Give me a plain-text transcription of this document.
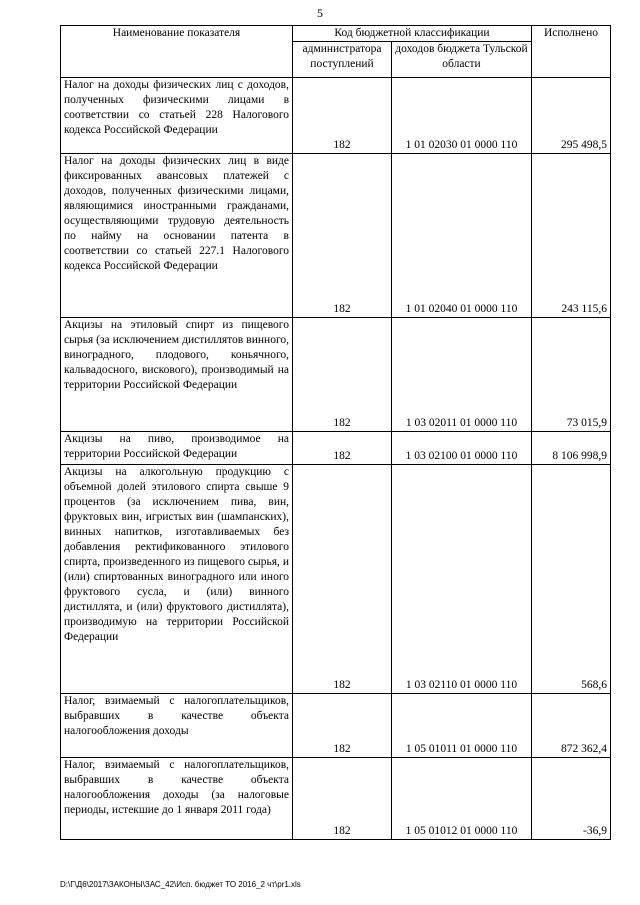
5
Наименование показателя	Код бюджетной классификации		Исполнено
	администратора поступлений	доходов бюджета Тульской области	
Налог на доходы физических лиц с доходов, полученных физическими лицами в соответствии со статьей 228 Налогового кодекса Российской Федерации	182	1 01 02030 01 0000 110	295 498,5
Налог на доходы физических лиц в виде фиксированных авансовых платежей с доходов, полученных физическими лицами, являющимися иностранными гражданами, осуществляющими трудовую деятельность по найму на основании патента в соответствии со статьей 227.1 Налогового кодекса Российской Федерации	182	1 01 02040 01 0000 110	243 115,6
Акцизы на этиловый спирт из пищевого сырья (за исключением дистиллятов винного, виноградного, плодового, коньячного, кальвадосного, вискового), производимый на территории Российской Федерации	182	1 03 02011 01 0000 110	73 015,9
Акцизы на пиво, производимое на территории Российской Федерации	182	1 03 02100 01 0000 110	8 106 998,9
Акцизы на алкогольную продукцию с объемной долей этилового спирта свыше 9 процентов (за исключением пива, вин, фруктовых вин, игристых вин (шампанских), винных напитков, изготавливаемых без добавления ректификованного этилового спирта, произведенного из пищевого сырья, и (или) спиртованных виноградного или иного фруктового сусла, и (или) винного дистиллята, и (или) фруктового дистиллята), производимую на территории Российской Федерации	182	1 03 02110 01 0000 110	568,6
Налог, взимаемый с налогоплательщиков, выбравших в качестве объекта налогообложения доходы	182	1 05 01011 01 0000 110	872 362,4
Налог, взимаемый с налогоплательщиков, выбравших в качестве объекта налогообложения доходы (за налоговые периоды, истекшие до 1 января 2011 года)	182	1 05 01012 01 0000 110	-36,9
D:\Г\Д6\2017\ЗАКОНЫ\ЗАС_42\Исп. бюджет ТО 2016_2 чт\pr1.xls
